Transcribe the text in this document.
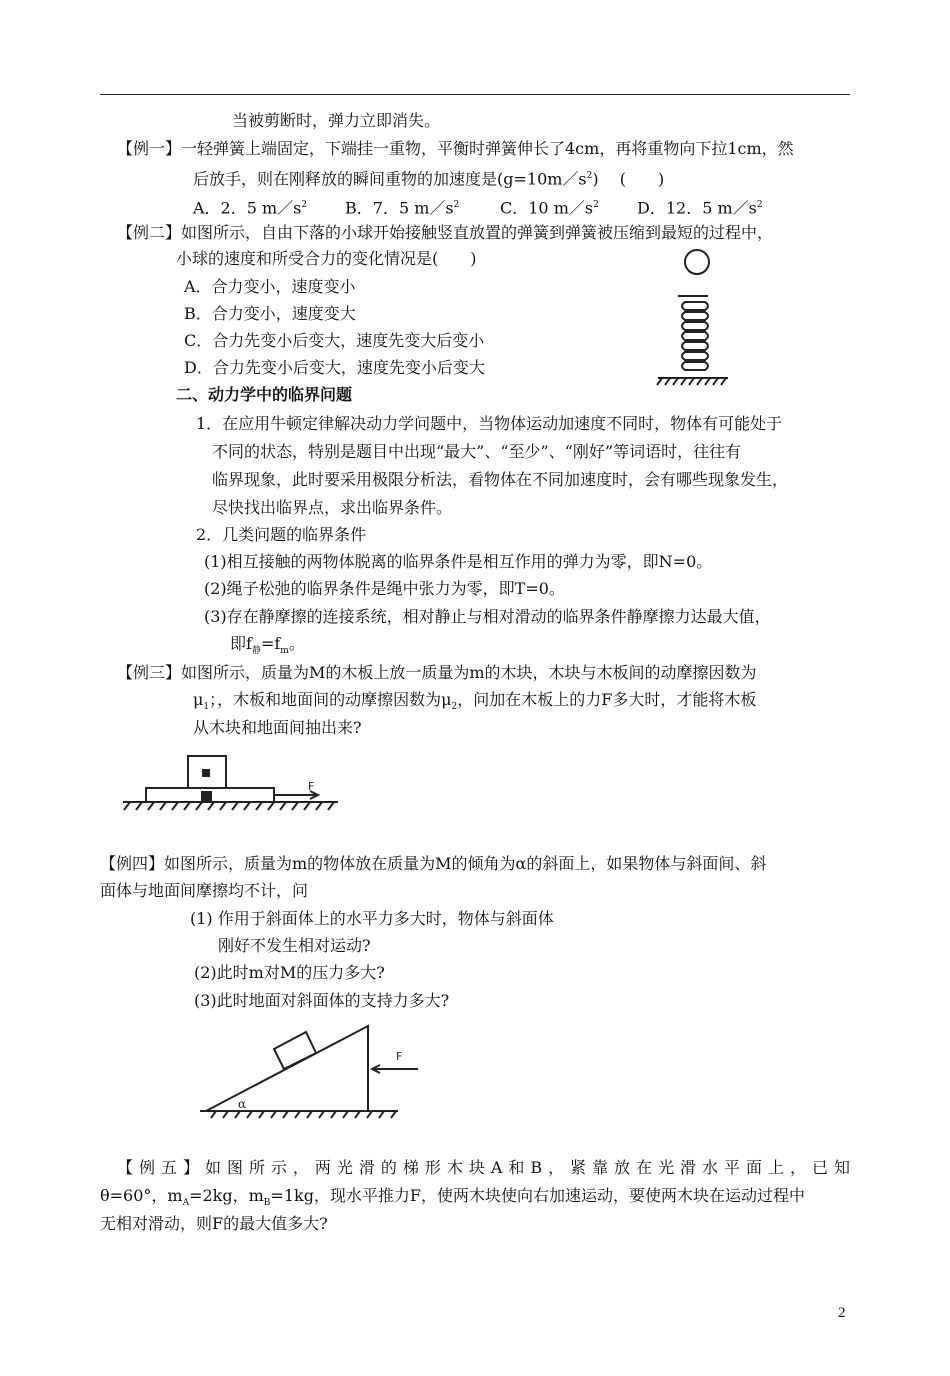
当被剪断时，弹力立即消失。
【例一】一轻弹簧上端固定，下端挂一重物，平衡时弹簧伸长了4cm，再将重物向下拉1cm，然
后放手，则在刚释放的瞬间重物的加速度是$(g=10m/s^2)$　 (　　)
A．2．5 $m/s^2$ B．7．5 $m/s^2$	C．10 $m/s^2$ D．12．5 $m/s^2$
【例二】如图所示，自由下落的小球开始接触竖直放置的弹簧到弹簧被压缩到最短的过程中，
小球的速度和所受合力的变化情况是(　　)
A．合力变小，速度变小
B．合力变小，速度变大
C．合力先变小后变大，速度先变大后变小
D．合力先变小后变大，速度先变小后变大
二、动力学中的临界问题
1．在应用牛顿定律解决动力学问题中，当物体运动加速度不同时，物体有可能处于
不同的状态，特别是题目中出现“最大”、“至少”、“刚好”等词语时，往往有
临界现象，此时要采用极限分析法，看物体在不同加速度时，会有哪些现象发生，
尽快找出临界点，求出临界条件。
2．几类问题的临界条件
(1)相互接触的两物体脱离的临界条件是相互作用的弹力为零，即N=0。
(2)绳子松弛的临界条件是绳中张力为零，即T=0。
(3)存在静摩擦的连接系统，相对静止与相对滑动的临界条件静摩擦力达最大值，
即$f_静=f_m$。
【例三】如图所示，质量为M的木板上放一质量为m的木块，木块与木板间的动摩擦因数为
$\mu_1$；，木板和地面间的动摩擦因数为$\mu_2$，问加在木板上的力F多大时，才能将木板
从木块和地面间抽出来?
F
【例四】如图所示，质量为m的物体放在质量为M的倾角为α的斜面上，如果物体与斜面间、斜
面体与地面间摩擦均不计，问
(1) 作用于斜面体上的水平力多大时，物体与斜面体
刚好不发生相对运动?
(2)此时m对M的压力多大?
(3)此时地面对斜面体的支持力多大?
F
α
【例五】如图所示，两光滑的梯形木块A和B，紧靠放在光滑水平面上，已知
θ=60°，$m_A=2kg$，$m_B=1kg$，现水平推力F，使两木块使向右加速运动，要使两木块在运动过程中
无相对滑动，则F的最大值多大?
2
